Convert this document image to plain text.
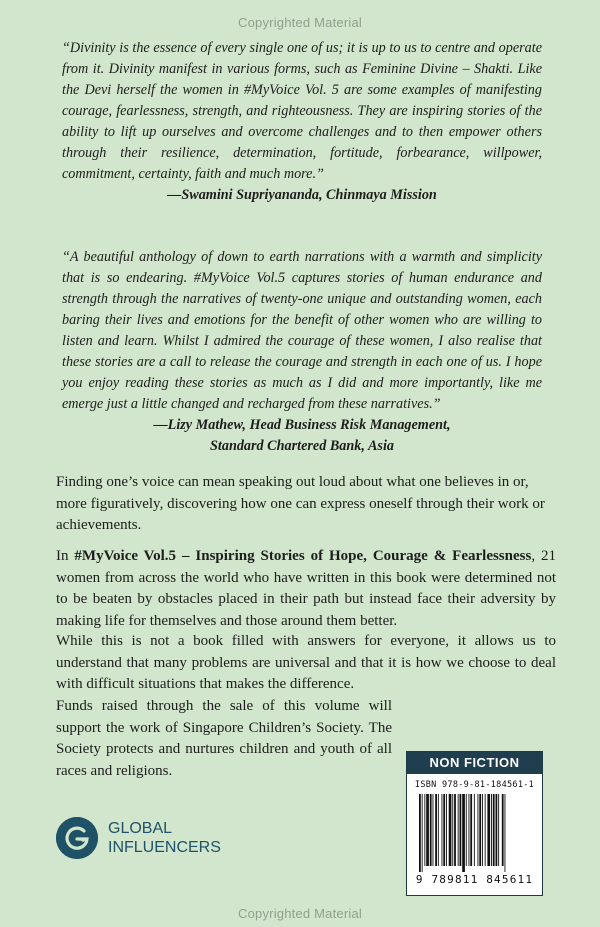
Copyrighted Material
“Divinity is the essence of every single one of us; it is up to us to centre and operate from it. Divinity manifest in various forms, such as Feminine Divine – Shakti. Like the Devi herself the women in #MyVoice Vol. 5 are some examples of manifesting courage, fearlessness, strength, and righteousness. They are inspiring stories of the ability to lift up ourselves and overcome challenges and to then empower others through their resilience, determination, fortitude, forbearance, willpower, commitment, certainty, faith and much more.”
—Swamini Supriyananda, Chinmaya Mission
“A beautiful anthology of down to earth narrations with a warmth and simplicity that is so endearing. #MyVoice Vol.5 captures stories of human endurance and strength through the narratives of twenty-one unique and outstanding women, each baring their lives and emotions for the benefit of other women who are willing to listen and learn. Whilst I admired the courage of these women, I also realise that these stories are a call to release the courage and strength in each one of us. I hope you enjoy reading these stories as much as I did and more importantly, like me emerge just a little changed and recharged from these narratives.”
—Lizy Mathew, Head Business Risk Management,
Standard Chartered Bank, Asia
Finding one’s voice can mean speaking out loud about what one believes in or, more figuratively, discovering how one can express oneself through their work or achievements.
In #MyVoice Vol.5 – Inspiring Stories of Hope, Courage & Fearlessness, 21 women from across the world who have written in this book were determined not to be beaten by obstacles placed in their path but instead face their adversity by making life for themselves and those around them better.
While this is not a book filled with answers for everyone, it allows us to understand that many problems are universal and that it is how we choose to deal with difficult situations that makes the difference.
Funds raised through the sale of this volume will support the work of Singapore Children’s Society. The Society protects and nurtures children and youth of all races and religions.
GLOBAL
INFLUENCERS
NON FICTION
ISBN 978-9-81-184561-1
9 789811 845611
Copyrighted Material
